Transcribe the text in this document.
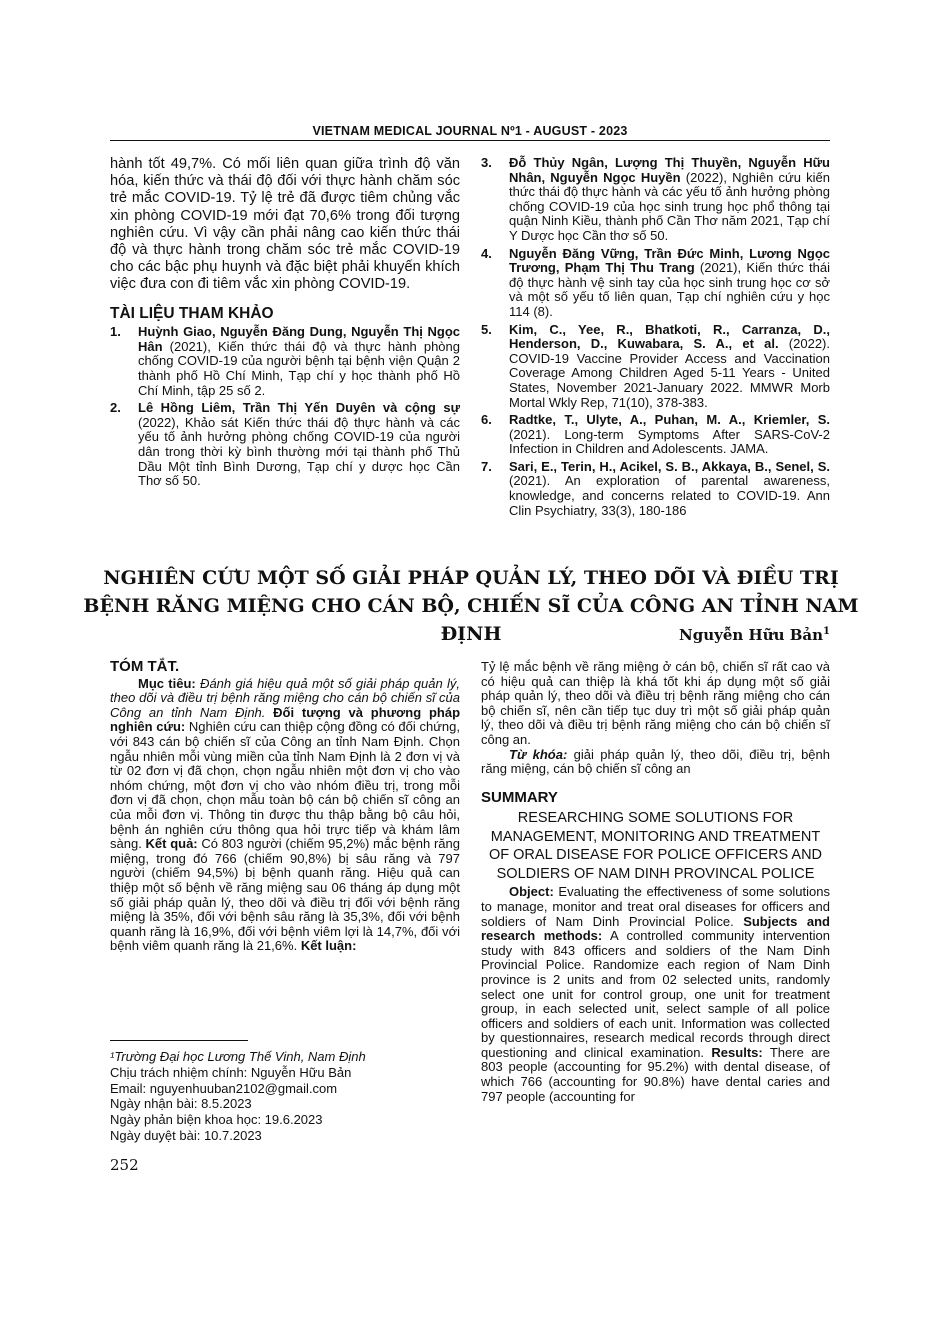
VIETNAM MEDICAL JOURNAL Nº1 - AUGUST - 2023

hành tốt 49,7%. Có mối liên quan giữa trình độ văn hóa, kiến thức và thái độ đối với thực hành chăm sóc trẻ mắc COVID-19. Tỷ lệ trẻ đã được tiêm chủng vắc xin phòng COVID-19 mới đạt 70,6% trong đối tượng nghiên cứu. Vì vậy cần phải nâng cao kiến thức thái độ và thực hành trong chăm sóc trẻ mắc COVID-19 cho các bậc phụ huynh và đặc biệt phải khuyến khích việc đưa con đi tiêm vắc xin phòng COVID-19.

TÀI LIỆU THAM KHẢO
1. Huỳnh Giao, Nguyễn Đăng Dung, Nguyễn Thị Ngọc Hân (2021), Kiến thức thái độ và thực hành phòng chống COVID-19 của người bệnh tại bệnh viện Quận 2 thành phố Hồ Chí Minh, Tạp chí y học thành phố Hồ Chí Minh, tập 25 số 2.
2. Lê Hồng Liêm, Trần Thị Yến Duyên và cộng sự (2022), Khảo sát Kiến thức thái độ thực hành và các yếu tố ảnh hưởng phòng chống COVID-19 của người dân trong thời kỳ bình thường mới tại thành phố Thủ Dầu Một tỉnh Bình Dương, Tạp chí y dược học Cần Thơ số 50.
3. Đỗ Thủy Ngân, Lượng Thị Thuyền, Nguyễn Hữu Nhân, Nguyễn Ngọc Huyền (2022), Nghiên cứu kiến thức thái độ thực hành và các yếu tố ảnh hưởng phòng chống COVID-19 của học sinh trung học phổ thông tại quận Ninh Kiều, thành phố Cần Thơ năm 2021, Tạp chí Y Dược học Cần thơ số 50.
4. Nguyễn Đăng Vững, Trần Đức Minh, Lương Ngọc Trương, Phạm Thị Thu Trang (2021), Kiến thức thái độ thực hành vệ sinh tay của học sinh trung học cơ sở và một số yếu tố liên quan, Tạp chí nghiên cứu y học 114 (8).
5. Kim, C., Yee, R., Bhatkoti, R., Carranza, D., Henderson, D., Kuwabara, S. A., et al. (2022). COVID-19 Vaccine Provider Access and Vaccination Coverage Among Children Aged 5-11 Years - United States, November 2021-January 2022. MMWR Morb Mortal Wkly Rep, 71(10), 378-383.
6. Radtke, T., Ulyte, A., Puhan, M. A., Kriemler, S. (2021). Long-term Symptoms After SARS-CoV-2 Infection in Children and Adolescents. JAMA.
7. Sari, E., Terin, H., Acikel, S. B., Akkaya, B., Senel, S. (2021). An exploration of parental awareness, knowledge, and concerns related to COVID-19. Ann Clin Psychiatry, 33(3), 180-186
NGHIÊN CỨU MỘT SỐ GIẢI PHÁP QUẢN LÝ, THEO DÕI VÀ ĐIỀU TRỊ BỆNH RĂNG MIỆNG CHO CÁN BỘ, CHIẾN SĨ CỦA CÔNG AN TỈNH NAM ĐỊNH	Nguyễn Hữu Bản$^1$
TÓM TẮT.

Mục tiêu: Đánh giá hiệu quả một số giải pháp quản lý, theo dõi và điều trị bệnh răng miệng cho cán bộ chiến sĩ của Công an tỉnh Nam Định. Đối tượng và phương pháp nghiên cứu: Nghiên cứu can thiệp cộng đồng có đối chứng, với 843 cán bộ chiến sĩ của Công an tỉnh Nam Định. Chọn ngẫu nhiên mỗi vùng miền của tỉnh Nam Định là 2 đơn vị và từ 02 đơn vị đã chọn, chọn ngẫu nhiên một đơn vị cho vào nhóm chứng, một đơn vị cho vào nhóm điều trị, trong mỗi đơn vị đã chọn, chọn mẫu toàn bộ cán bộ chiến sĩ công an của mỗi đơn vị. Thông tin được thu thập bằng bộ câu hỏi, bệnh án nghiên cứu thông qua hỏi trực tiếp và khám lâm sàng. Kết quả: Có 803 người (chiếm 95,2%) mắc bệnh răng miệng, trong đó 766 (chiếm 90,8%) bị sâu răng và 797 người (chiếm 94,5%) bị bệnh quanh răng. Hiệu quả can thiệp một số bệnh về răng miệng sau 06 tháng áp dụng một số giải pháp quản lý, theo dõi và điều trị đối với bệnh răng miệng là 35%, đối với bệnh sâu răng là 35,3%, đối với bệnh quanh răng là 16,9%, đối với bệnh viêm lợi là 14,7%, đối với bệnh viêm quanh răng là 21,6%. Kết luận:

¹Trường Đại học Lương Thế Vinh, Nam Định
Chịu trách nhiệm chính: Nguyễn Hữu Bản
Email: nguyenhuuban2102@gmail.com
Ngày nhận bài: 8.5.2023
Ngày phản biện khoa học: 19.6.2023
Ngày duyệt bài: 10.7.2023
252

Tỷ lệ mắc bệnh về răng miệng ở cán bộ, chiến sĩ rất cao và có hiệu quả can thiệp là khá tốt khi áp dụng một số giải pháp quản lý, theo dõi và điều trị bệnh răng miệng cho cán bộ chiến sĩ, nên cần tiếp tục duy trì một số giải pháp quản lý, theo dõi và điều trị bệnh răng miệng cho cán bộ chiến sĩ công an.

Từ khóa: giải pháp quản lý, theo dõi, điều trị, bệnh răng miệng, cán bộ chiến sĩ công an

SUMMARY
RESEARCHING SOME SOLUTIONS FOR MANAGEMENT, MONITORING AND TREATMENT OF ORAL DISEASE FOR POLICE OFFICERS AND SOLDIERS OF NAM DINH PROVINCAL POLICE

Object: Evaluating the effectiveness of some solutions to manage, monitor and treat oral diseases for officers and soldiers of Nam Dinh Provincial Police. Subjects and research methods: A controlled community intervention study with 843 officers and soldiers of the Nam Dinh Provincial Police. Randomize each region of Nam Dinh province is 2 units and from 02 selected units, randomly select one unit for control group, one unit for treatment group, in each selected unit, select sample of all police officers and soldiers of each unit. Information was collected by questionnaires, research medical records through direct questioning and clinical examination. Results: There are 803 people (accounting for 95.2%) with dental disease, of which 766 (accounting for 90.8%) have dental caries and 797 people (accounting for
